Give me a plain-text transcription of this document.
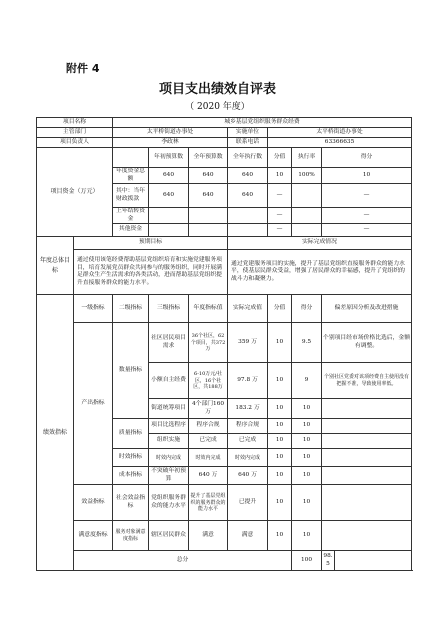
附件 4
项目支出绩效自评表
（ 2020 年度）
项目名称		城乡基层党组织服务群众经费							
主管部门		太平桥街道办事处			实施单位	太平桥街道办事处			
项目负责人		李政林			联系电话	63366635			
项目资金（万元）			年初预算数	全年预算数	全年执行数	分值	执行率	得分	
		年度资金总额	640	640	640	10	100%	10	
		其中：当年财政拨款	640	640	640	—		—	
		上年结转资金				—		—	
		其他资金				—		—	
年度总体目标	预期目标				实际完成情况				
	通过使用该笔经费帮助基层党组织培育和实施党建服务项目，培育发展党员群众共同参与的服务组织，同时开展满足群众生产生活需求的各类活动，进而帮助基层党组织提升直接服务群众的能力水平。				通过党建服务项目的实施，提升了基层党组织直接服务群众的能力水平，使基层民群众受益，增强了居民群众的幸福感，提升了党组织的战斗力和凝聚力。				
绩效指标	一级指标	二级指标	三级指标	年度指标值	实际完成值	分值	得分	偏差原因分析及改进措施	
	产出指标	数量指标	社区居民项目需求	36个社区，62个项目，共372万	359 万	10	9.5	个别项目经市场价格比选后，金额有调整。	
			小额自主经费	6-10万元/社区，16个社区，共188万	97.8 万	10	9	个别社区党委对该项经费自主使用没有把握不准，导致使用率低。	
			街道统筹项目	4个部门160万	183.2 万	10	10		
		质量指标	项目比选程序	程序合规	程序合规	10	10		
			组织实施	已完成	已完成	10	10		
		时效指标	时效内完成	时效内完成	时效内完成	10	10		
		成本指标	不突破年初预算	640 万	640 万	10	10		
	效益指标	社会效益指标	党组织服务群众的能力水平	提升了基层党组织的服务群众的能力水平	已提升	10	10		
	满意度指标	服务对象满意度指标	辖区居民群众	满意	满意	10	10		
	总分						100	98.5	
